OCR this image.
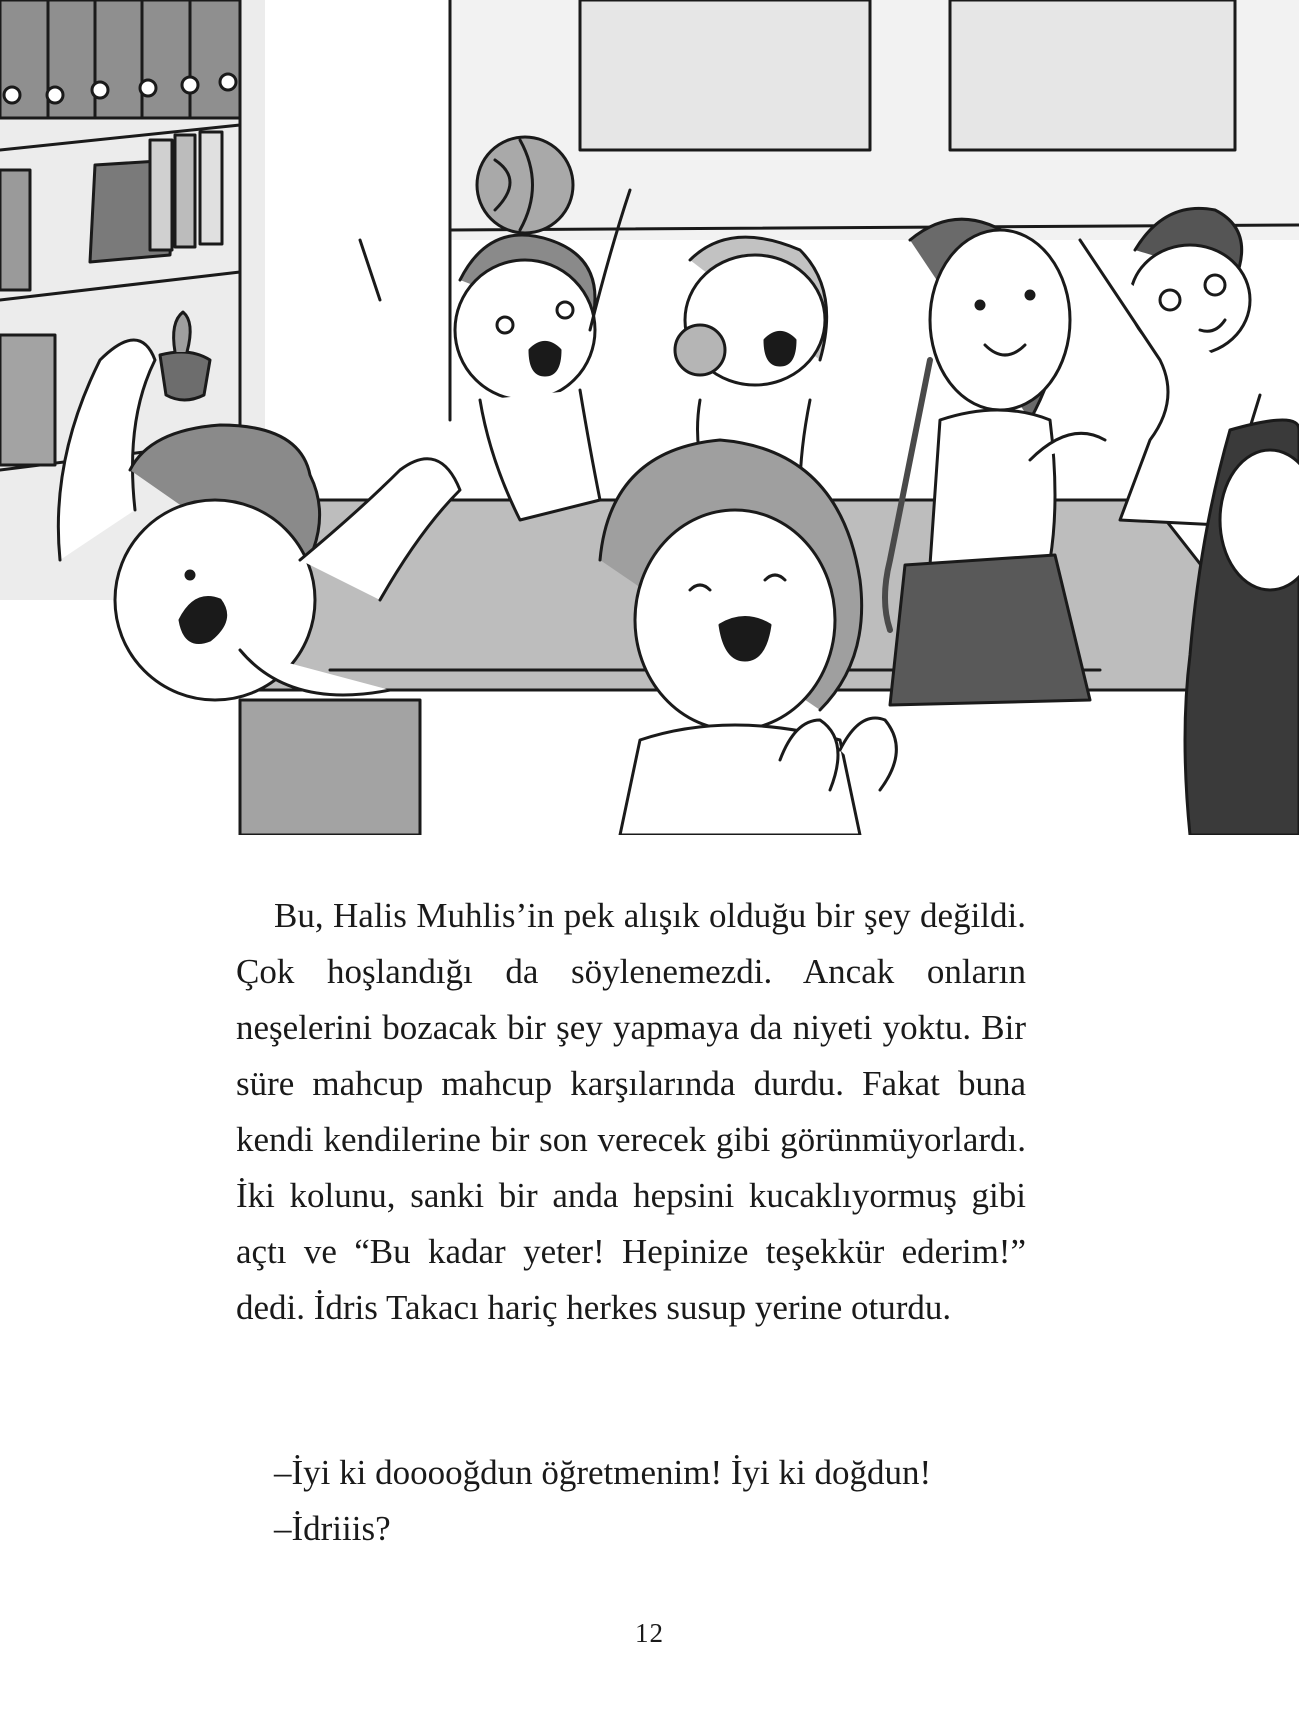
Bu, Halis Muhlis’in pek alışık olduğu bir şey değildi. Çok hoşlandığı da söylenemezdi. Ancak onların neşelerini bozacak bir şey yapmaya da niyeti yoktu. Bir süre mahcup mahcup karşılarında durdu. Fakat buna kendi kendilerine bir son verecek gibi görünmüyorlardı. İki kolunu, sanki bir anda hepsini kucaklıyormuş gibi açtı ve “Bu kadar yeter! Hepinize teşekkür ederim!” dedi. İdris Takacı hariç herkes susup yerine oturdu.

–İyi ki dooooğdun öğretmenim! İyi ki doğdun!
–İdriiis?
12
